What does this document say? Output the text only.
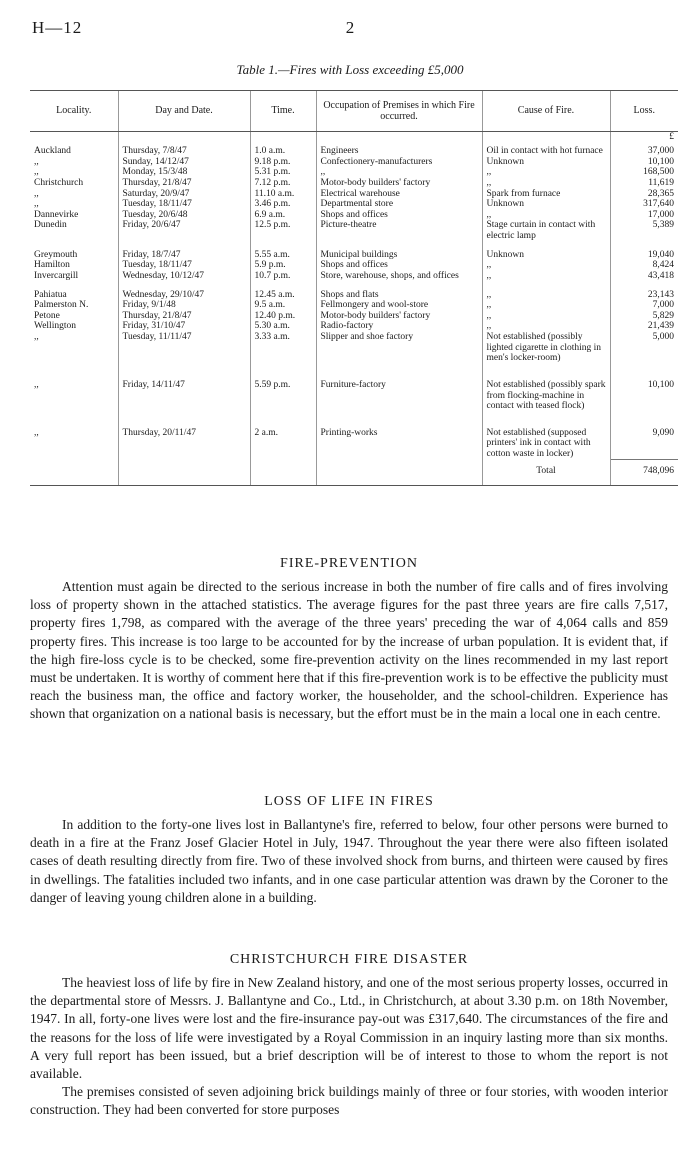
H—12	2
Table 1.—Fires with Loss exceeding £5,000
Locality.	Day and Date.	Time.	Occupation of Premises in which Fire occurred.	Cause of Fire.	Loss.
					£
Auckland	Thursday, 7/8/47	1.0 a.m.	Engineers	Oil in contact with hot furnace	37,000
,,	Sunday, 14/12/47	9.18 p.m.	Confectionery-manufacturers	Unknown	10,100
,,	Monday, 15/3/48	5.31 p.m.	,,	,,	168,500
Christchurch	Thursday, 21/8/47	7.12 p.m.	Motor-body builders' factory	,,	11,619
,,	Saturday, 20/9/47	11.10 a.m.	Electrical warehouse	Spark from furnace	28,365
,,	Tuesday, 18/11/47	3.46 p.m.	Departmental store	Unknown	317,640
Dannevirke	Tuesday, 20/6/48	6.9 a.m.	Shops and offices	,,	17,000
Dunedin	Friday, 20/6/47	12.5 p.m.	Picture-theatre	Stage curtain in contact with electric lamp	5,389
Greymouth	Friday, 18/7/47	5.55 a.m.	Municipal buildings	Unknown	19,040
Hamilton	Tuesday, 18/11/47	5.9 p.m.	Shops and offices	,,	8,424
Invercargill	Wednesday, 10/12/47	10.7 p.m.	Store, warehouse, shops, and offices	,,	43,418
Pahiatua	Wednesday, 29/10/47	12.45 a.m.	Shops and flats	,,	23,143
Palmerston N.	Friday, 9/1/48	9.5 a.m.	Fellmongery and wool-store	,,	7,000
Petone	Thursday, 21/8/47	12.40 p.m.	Motor-body builders' factory	,,	5,829
Wellington	Friday, 31/10/47	5.30 a.m.	Radio-factory	,,	21,439
,,	Tuesday, 11/11/47	3.33 a.m.	Slipper and shoe factory	Not established (possibly lighted cigarette in clothing in men's locker-room)	5,000
,,	Friday, 14/11/47	5.59 p.m.	Furniture-factory	Not established (possibly spark from flocking-machine in contact with teased flock)	10,100
,,	Thursday, 20/11/47	2 a.m.	Printing-works	Not established (supposed printers' ink in contact with cotton waste in locker)	9,090
				Total	748,096
FIRE-PREVENTION

Attention must again be directed to the serious increase in both the number of fire calls and of fires involving loss of property shown in the attached statistics. The average figures for the past three years are fire calls 7,517, property fires 1,798, as compared with the average of the three years' preceding the war of 4,064 calls and 859 property fires. This increase is too large to be accounted for by the increase of urban population. It is evident that, if the high fire-loss cycle is to be checked, some fire-prevention activity on the lines recommended in my last report must be undertaken. It is worthy of comment here that if this fire-prevention work is to be effective the publicity must reach the business man, the office and factory worker, the householder, and the school-children. Experience has shown that organization on a national basis is necessary, but the effort must be in the main a local one in each centre.

LOSS OF LIFE IN FIRES

In addition to the forty-one lives lost in Ballantyne's fire, referred to below, four other persons were burned to death in a fire at the Franz Josef Glacier Hotel in July, 1947. Throughout the year there were also fifteen isolated cases of death resulting directly from fire. Two of these involved shock from burns, and thirteen were caused by fires in dwellings. The fatalities included two infants, and in one case particular attention was drawn by the Coroner to the danger of leaving young children alone in a building.

CHRISTCHURCH FIRE DISASTER

The heaviest loss of life by fire in New Zealand history, and one of the most serious property losses, occurred in the departmental store of Messrs. J. Ballantyne and Co., Ltd., in Christchurch, at about 3.30 p.m. on 18th November, 1947. In all, forty-one lives were lost and the fire-insurance pay-out was £317,640. The circumstances of the fire and the reasons for the loss of life were investigated by a Royal Commission in an inquiry lasting more than six months. A very full report has been issued, but a brief description will be of interest to those to whom the report is not available.

The premises consisted of seven adjoining brick buildings mainly of three or four stories, with wooden interior construction. They had been converted for store purposes
